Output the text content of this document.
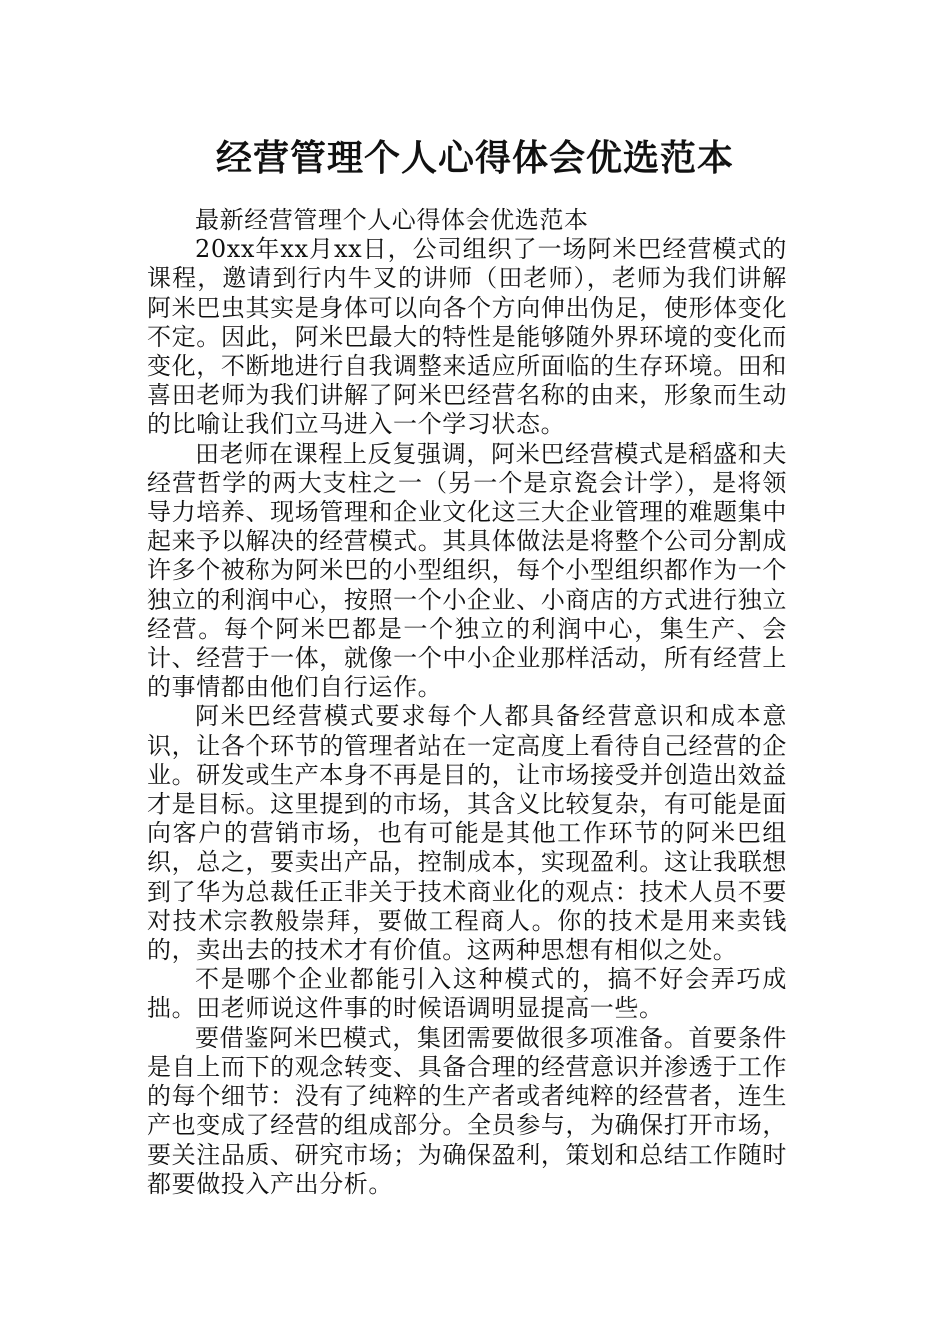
经营管理个人心得体会优选范本

最新经营管理个人心得体会优选范本

20xx年xx月xx日，公司组织了一场阿米巴经营模式的课程，邀请到行内牛叉的讲师（田老师），老师为我们讲解阿米巴虫其实是身体可以向各个方向伸出伪足，使形体变化不定。因此，阿米巴最大的特性是能够随外界环境的变化而变化，不断地进行自我调整来适应所面临的生存环境。田和喜田老师为我们讲解了阿米巴经营名称的由来，形象而生动的比喻让我们立马进入一个学习状态。

田老师在课程上反复强调，阿米巴经营模式是稻盛和夫经营哲学的两大支柱之一（另一个是京瓷会计学），是将领导力培养、现场管理和企业文化这三大企业管理的难题集中起来予以解决的经营模式。其具体做法是将整个公司分割成许多个被称为阿米巴的小型组织，每个小型组织都作为一个独立的利润中心，按照一个小企业、小商店的方式进行独立经营。每个阿米巴都是一个独立的利润中心，集生产、会计、经营于一体，就像一个中小企业那样活动，所有经营上的事情都由他们自行运作。

阿米巴经营模式要求每个人都具备经营意识和成本意识，让各个环节的管理者站在一定高度上看待自己经营的企业。研发或生产本身不再是目的，让市场接受并创造出效益才是目标。这里提到的市场，其含义比较复杂，有可能是面向客户的营销市场，也有可能是其他工作环节的阿米巴组织，总之，要卖出产品，控制成本，实现盈利。这让我联想到了华为总裁任正非关于技术商业化的观点：技术人员不要对技术宗教般崇拜，要做工程商人。你的技术是用来卖钱的，卖出去的技术才有价值。这两种思想有相似之处。

不是哪个企业都能引入这种模式的，搞不好会弄巧成拙。田老师说这件事的时候语调明显提高一些。

要借鉴阿米巴模式，集团需要做很多项准备。首要条件是自上而下的观念转变、具备合理的经营意识并渗透于工作的每个细节：没有了纯粹的生产者或者纯粹的经营者，连生产也变成了经营的组成部分。全员参与，为确保打开市场，要关注品质、研究市场；为确保盈利，策划和总结工作随时都要做投入产出分析。
